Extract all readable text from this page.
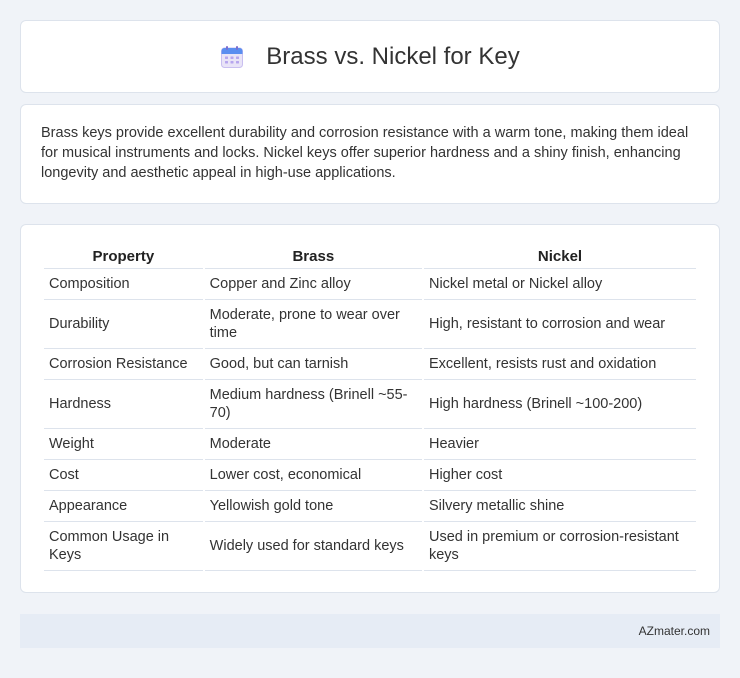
Brass vs. Nickel for Key

Brass keys provide excellent durability and corrosion resistance with a warm tone, making them ideal for musical instruments and locks. Nickel keys offer superior hardness and a shiny finish, enhancing longevity and aesthetic appeal in high-use applications.

Property	Brass	Nickel
Composition	Copper and Zinc alloy	Nickel metal or Nickel alloy
Durability	Moderate, prone to wear over time	High, resistant to corrosion and wear
Corrosion Resistance	Good, but can tarnish	Excellent, resists rust and oxidation
Hardness	Medium hardness (Brinell ~55-70)	High hardness (Brinell ~100-200)
Weight	Moderate	Heavier
Cost	Lower cost, economical	Higher cost
Appearance	Yellowish gold tone	Silvery metallic shine
Common Usage in Keys	Widely used for standard keys	Used in premium or corrosion-resistant keys
AZmater.com
